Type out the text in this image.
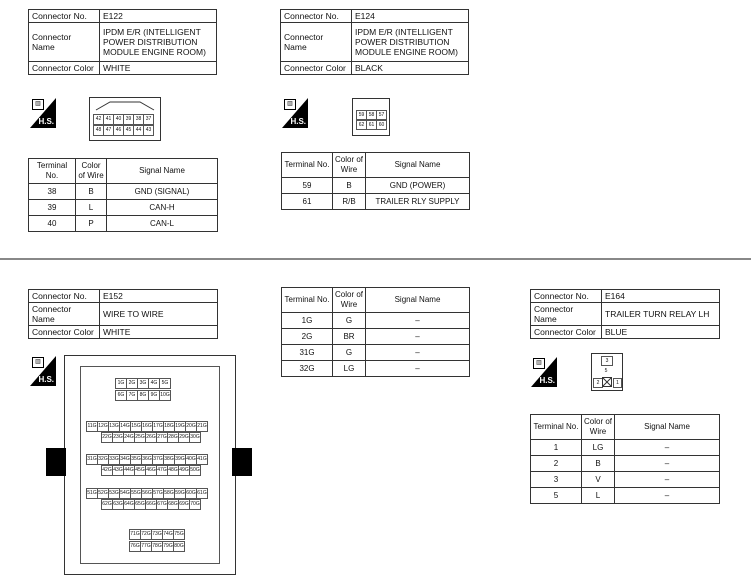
Connector No.	E122
Connector Name	IPDM E/R (INTELLIGENT POWER DISTRIBUTION MODULE ENGINE ROOM)
Connector Color	WHITE
▥
H.S.	42 41 40 39 38 37
48 47 46 45 44 43
Terminal No.	Color of Wire	Signal Name
38	B	GND (SIGNAL)
39	L	CAN-H
40	P	CAN-L
Connector No.	E124
Connector Name	IPDM E/R (INTELLIGENT POWER DISTRIBUTION MODULE ENGINE ROOM)
Connector Color	BLACK
▥
H.S.
59 58 57
62 61 60
Terminal No.	Color of Wire	Signal Name
59	B	GND (POWER)
61	R/B	TRAILER RLY SUPPLY
Connector No.	E152
Connector Name	WIRE TO WIRE
Connector Color	WHITE
▥
H.S.	1G 2G 3G 4G 5G
6G 7G 8G 9G 10G
11G 12G 13G 14G 15G 16G 17G 18G 19G 20G 21G
22G 23G 24G 25G 26G 27G 28G 29G 30G
31G 32G 33G 34G 35G 36G 37G 38G 39G 40G 41G
42G 43G 44G 45G 46G 47G 48G 49G 50G
51G 52G 53G 54G 55G 56G 57G 58G 59G 60G 61G
62G 63G 64G 65G 66G 67G 68G 69G 70G
71G 72G 73G 74G 75G
76G 77G 78G 79G 80G
Terminal No.	Color of Wire	Signal Name
1G	G	–
2G	BR	–
31G	G	–
32G	LG	–
Connector No.	E164
Connector Name	TRAILER TURN RELAY LH
Connector Color	BLUE
▥
H.S.
3
5
2	1
Terminal No.	Color of Wire	Signal Name
1	LG	–
2	B	–
3	V	–
5	L	–
